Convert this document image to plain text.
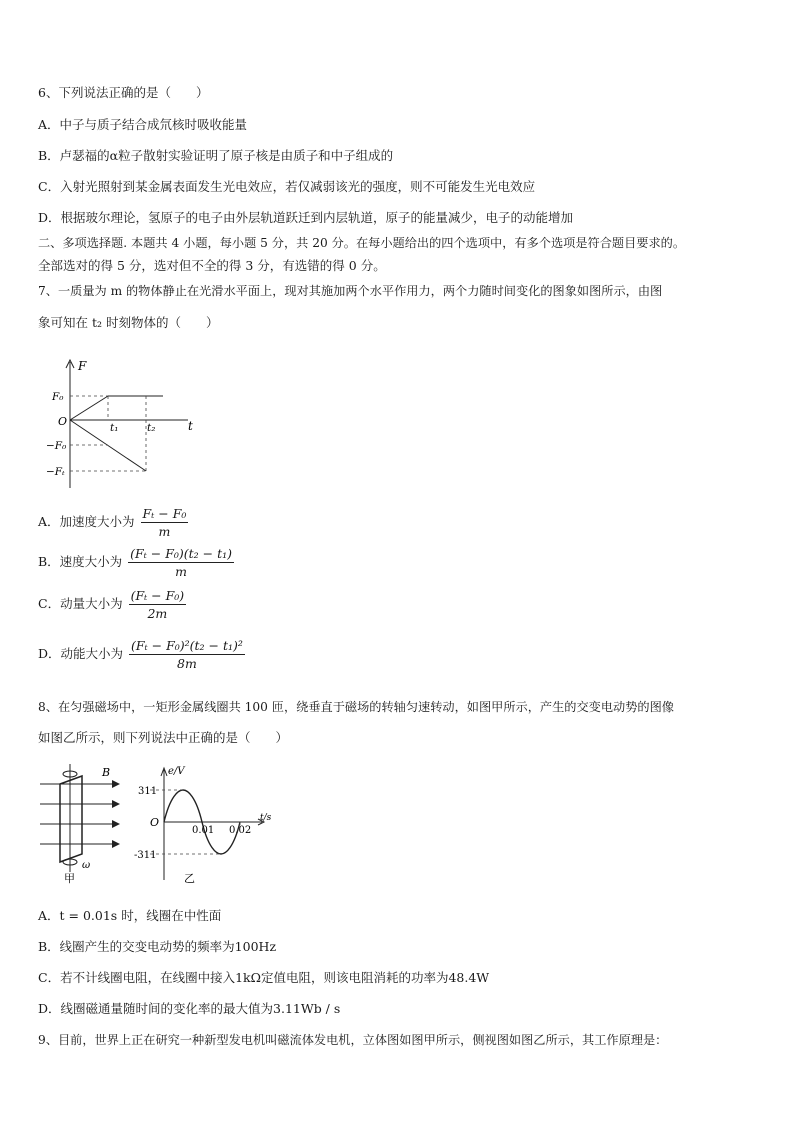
6、下列说法正确的是（　　）
A．中子与质子结合成氘核时吸收能量
B．卢瑟福的α粒子散射实验证明了原子核是由质子和中子组成的
C．入射光照射到某金属表面发生光电效应，若仅减弱该光的强度，则不可能发生光电效应
D．根据玻尔理论，氢原子的电子由外层轨道跃迁到内层轨道，原子的能量减少，电子的动能增加
二、多项选择题. 本题共 4 小题，每小题 5 分，共 20 分。在每小题给出的四个选项中，有多个选项是符合题目要求的。
全部选对的得 5 分，选对但不全的得 3 分，有选错的得 0 分。
7、一质量为 m 的物体静止在光滑水平面上，现对其施加两个水平作用力，两个力随时间变化的图象如图所示，由图
象可知在 t₂ 时刻物体的（　　）
F
t
O
F₀
−F₀
−Fₜ
t₁	t₂
A．加速度大小为 $\frac{\text{Fₜ − F₀}}{m}$
B．速度大小为 $\frac{\text{(Fₜ − F₀)(t₂ − t₁)}}{m}$
C．动量大小为 $\frac{\text{(Fₜ − F₀)}}{2m}$
D．动能大小为 $\frac{\text{(Fₜ − F₀)²(t₂ − t₁)²}}{8m}$
8、在匀强磁场中，一矩形金属线圈共 100 匝，绕垂直于磁场的转轴匀速转动，如图甲所示，产生的交变电动势的图像
如图乙所示，则下列说法中正确的是（　　）
B
ω
甲
e/V
t/s
O
311
-311
0.01 0.02
乙
A．t = 0.01s 时，线圈在中性面
B．线圈产生的交变电动势的频率为100Hz
C．若不计线圈电阻，在线圈中接入1kΩ定值电阻，则该电阻消耗的功率为48.4W
D．线圈磁通量随时间的变化率的最大值为3.11Wb / s
9、目前，世界上正在研究一种新型发电机叫磁流体发电机，立体图如图甲所示，侧视图如图乙所示，其工作原理是：
